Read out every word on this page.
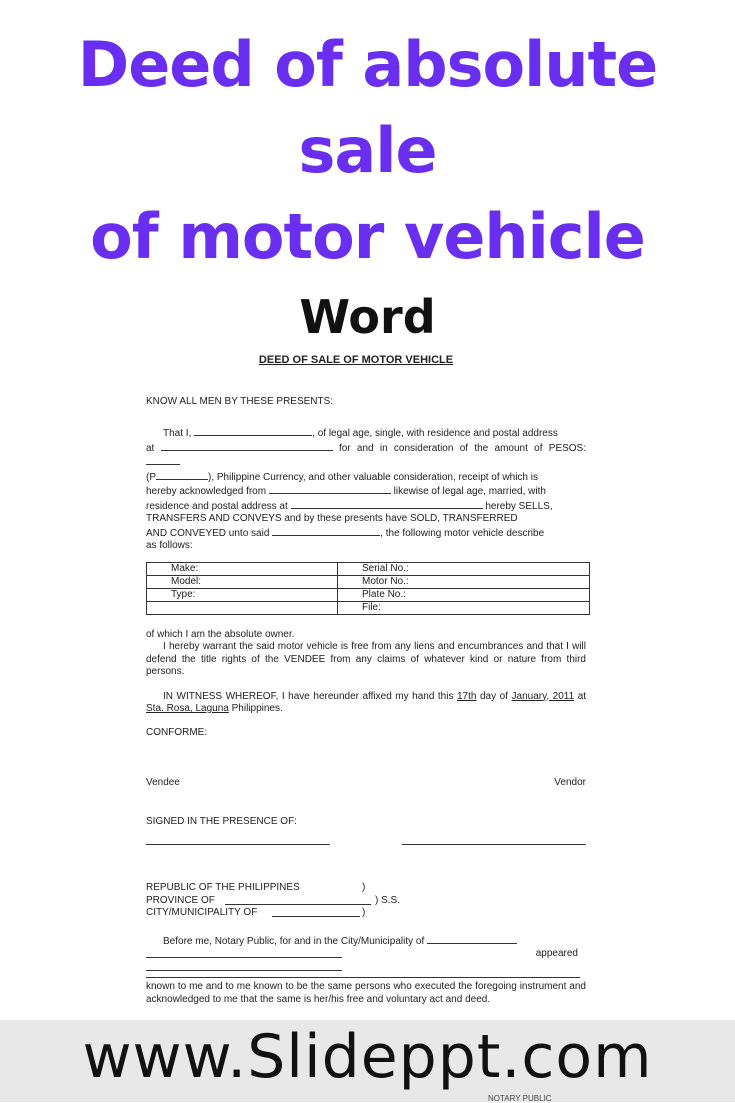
Deed of absolute
sale
of motor vehicle
Word
DEED OF SALE OF MOTOR VEHICLE

KNOW ALL MEN BY THESE PRESENTS:

That I,	, of legal age, single, with residence and postal address

at	for and in consideration of the amount of PESOS:

(P	), Philippine Currency, and other valuable consideration, receipt of which is

hereby acknowledged from	likewise of legal age, married, with

residence and postal address at	hereby SELLS,

TRANSFERS AND CONVEYS and by these presents have SOLD, TRANSFERRED

AND CONVEYED unto said	, the following motor vehicle describe

as follows:

Make:	Serial No.:
Model:	Motor No.:
Type:	Plate No.:
	File:

of which I am the absolute owner.

I hereby warrant the said motor vehicle is free from any liens and encumbrances and that I will defend the title rights of the VENDEE from any claims of whatever kind or nature from third persons.

IN WITNESS WHEREOF, I have hereunder affixed my hand this 17th day of January, 2011 at Sta. Rosa, Laguna Philippines.

CONFORME:

Vendee	Vendor

SIGNED IN THE PRESENCE OF:

REPUBLIC OF THE PHILIPPINES	)
PROVINCE OF	) S.S.
CITY/MUNICIPALITY OF	)

Before me, Notary Public, for and in the City/Municipality of

appeared

known to me and to me known to be the same persons who executed the foregoing instrument and acknowledged to me that the same is her/his free and voluntary act and deed.

www.Slideppt.com
NOTARY PUBLIC
